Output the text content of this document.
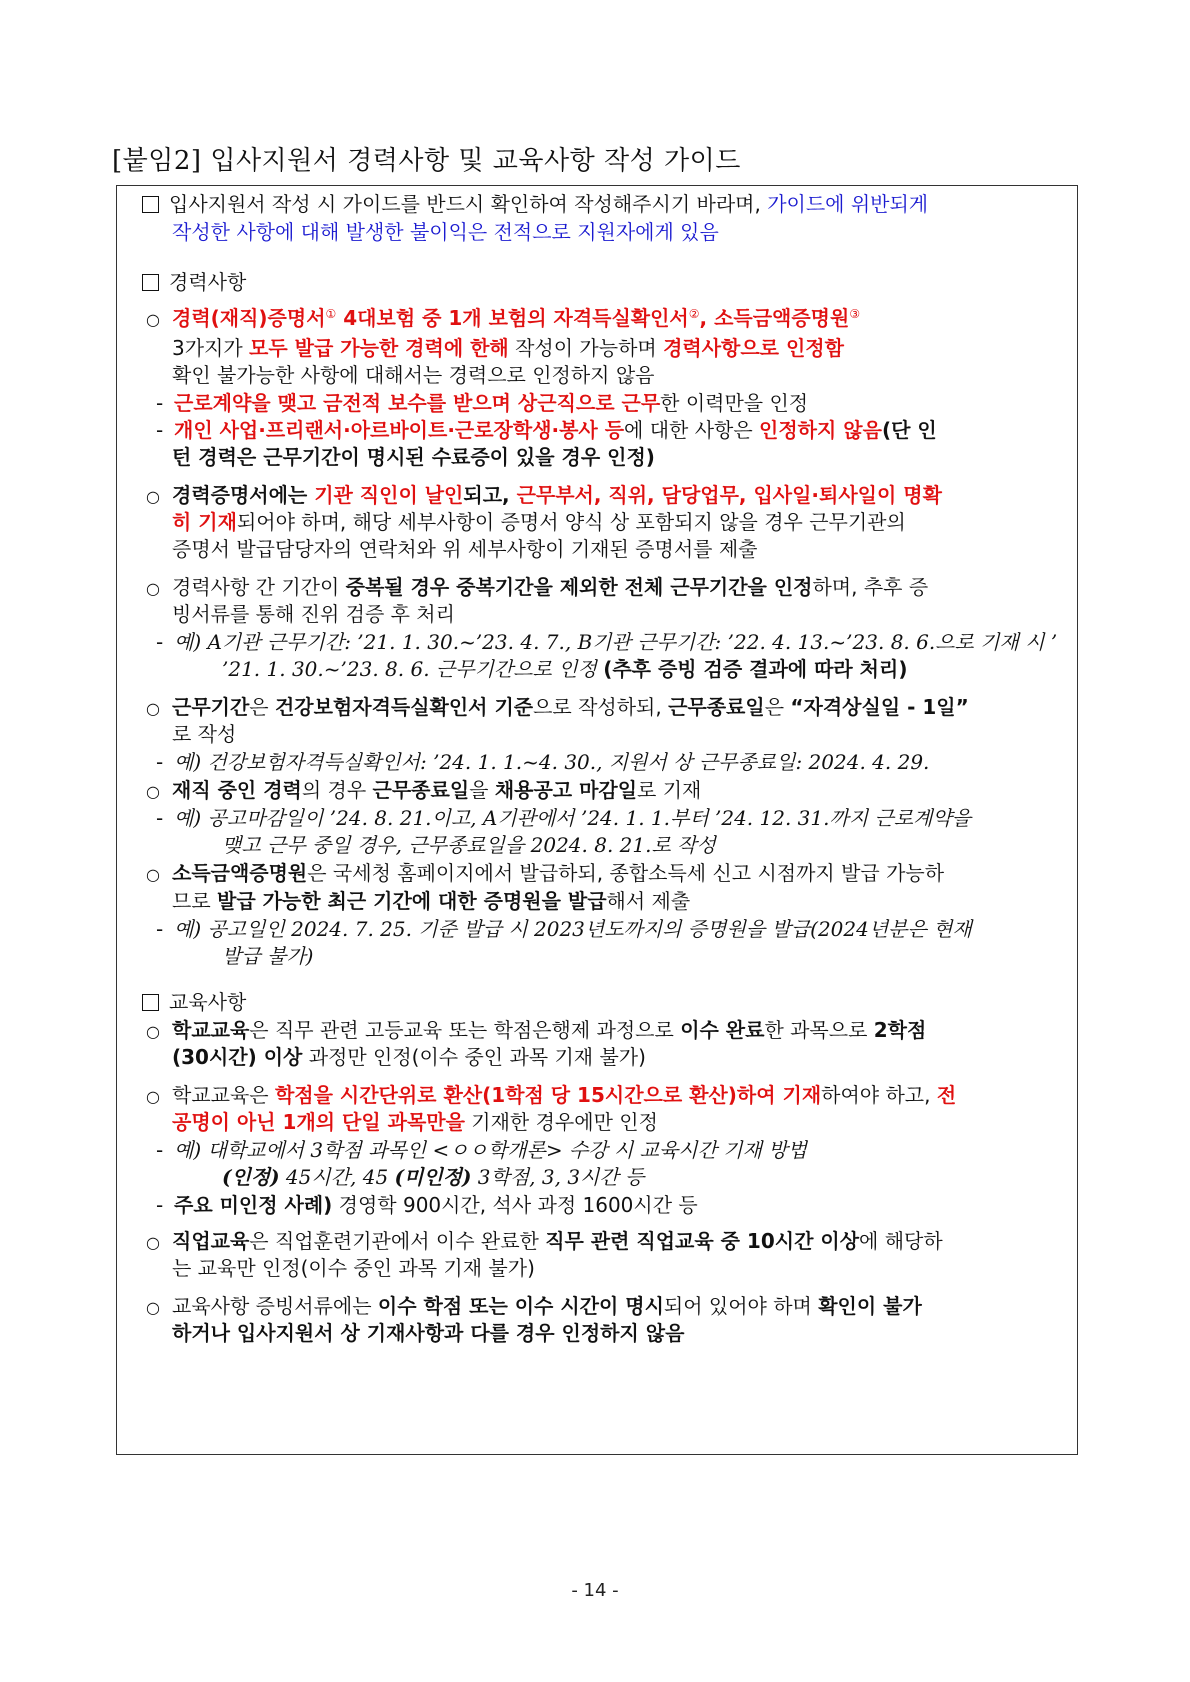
[붙임2] 입사지원서 경력사항 및 교육사항 작성 가이드
입사지원서 작성 시 가이드를 반드시 확인하여 작성해주시기 바라며, 가이드에 위반되게
작성한 사항에 대해 발생한 불이익은 전적으로 지원자에게 있음
경력사항
○ 경력(재직)증명서① 4대보험 중 1개 보험의 자격득실확인서②, 소득금액증명원③
3가지가 모두 발급 가능한 경력에 한해 작성이 가능하며 경력사항으로 인정함
확인 불가능한 사항에 대해서는 경력으로 인정하지 않음
- 근로계약을 맺고 금전적 보수를 받으며 상근직으로 근무한 이력만을 인정
- 개인 사업·프리랜서·아르바이트·근로장학생·봉사 등에 대한 사항은 인정하지 않음(단 인
턴 경력은 근무기간이 명시된 수료증이 있을 경우 인정)
○ 경력증명서에는 기관 직인이 날인되고, 근무부서, 직위, 담당업무, 입사일·퇴사일이 명확
히 기재되어야 하며, 해당 세부사항이 증명서 양식 상 포함되지 않을 경우 근무기관의
증명서 발급담당자의 연락처와 위 세부사항이 기재된 증명서를 제출
○ 경력사항 간 기간이 중복될 경우 중복기간을 제외한 전체 근무기간을 인정하며, 추후 증
빙서류를 통해 진위 검증 후 처리
- 예) A기관 근무기간: ’21. 1. 30.~’23. 4. 7., B기관 근무기간: ’22. 4. 13.~’23. 8. 6.으로 기재 시 ’
’21. 1. 30.~’23. 8. 6. 근무기간으로 인정 (추후 증빙 검증 결과에 따라 처리)
○ 근무기간은 건강보험자격득실확인서 기준으로 작성하되, 근무종료일은 “자격상실일 - 1일”
로 작성
- 예) 건강보험자격득실확인서: ’24. 1. 1.~4. 30., 지원서 상 근무종료일: 2024. 4. 29.
○ 재직 중인 경력의 경우 근무종료일을 채용공고 마감일로 기재
- 예) 공고마감일이 ’24. 8. 21.이고, A기관에서 ’24. 1. 1.부터 ’24. 12. 31.까지 근로계약을
맺고 근무 중일 경우, 근무종료일을 2024. 8. 21.로 작성
○ 소득금액증명원은 국세청 홈페이지에서 발급하되, 종합소득세 신고 시점까지 발급 가능하
므로 발급 가능한 최근 기간에 대한 증명원을 발급해서 제출
- 예) 공고일인 2024. 7. 25. 기준 발급 시 2023년도까지의 증명원을 발급(2024년분은 현재
발급 불가)
교육사항
○ 학교교육은 직무 관련 고등교육 또는 학점은행제 과정으로 이수 완료한 과목으로 2학점
(30시간) 이상 과정만 인정(이수 중인 과목 기재 불가)
○ 학교교육은 학점을 시간단위로 환산(1학점 당 15시간으로 환산)하여 기재하여야 하고, 전
공명이 아닌 1개의 단일 과목만을 기재한 경우에만 인정
- 예) 대학교에서 3학점 과목인 <ㅇㅇ학개론> 수강 시 교육시간 기재 방법
(인정) 45시간, 45 (미인정) 3학점, 3, 3시간 등
- 주요 미인정 사례) 경영학 900시간, 석사 과정 1600시간 등
○ 직업교육은 직업훈련기관에서 이수 완료한 직무 관련 직업교육 중 10시간 이상에 해당하
는 교육만 인정(이수 중인 과목 기재 불가)
○ 교육사항 증빙서류에는 이수 학점 또는 이수 시간이 명시되어 있어야 하며 확인이 불가
하거나 입사지원서 상 기재사항과 다를 경우 인정하지 않음
- 14 -
